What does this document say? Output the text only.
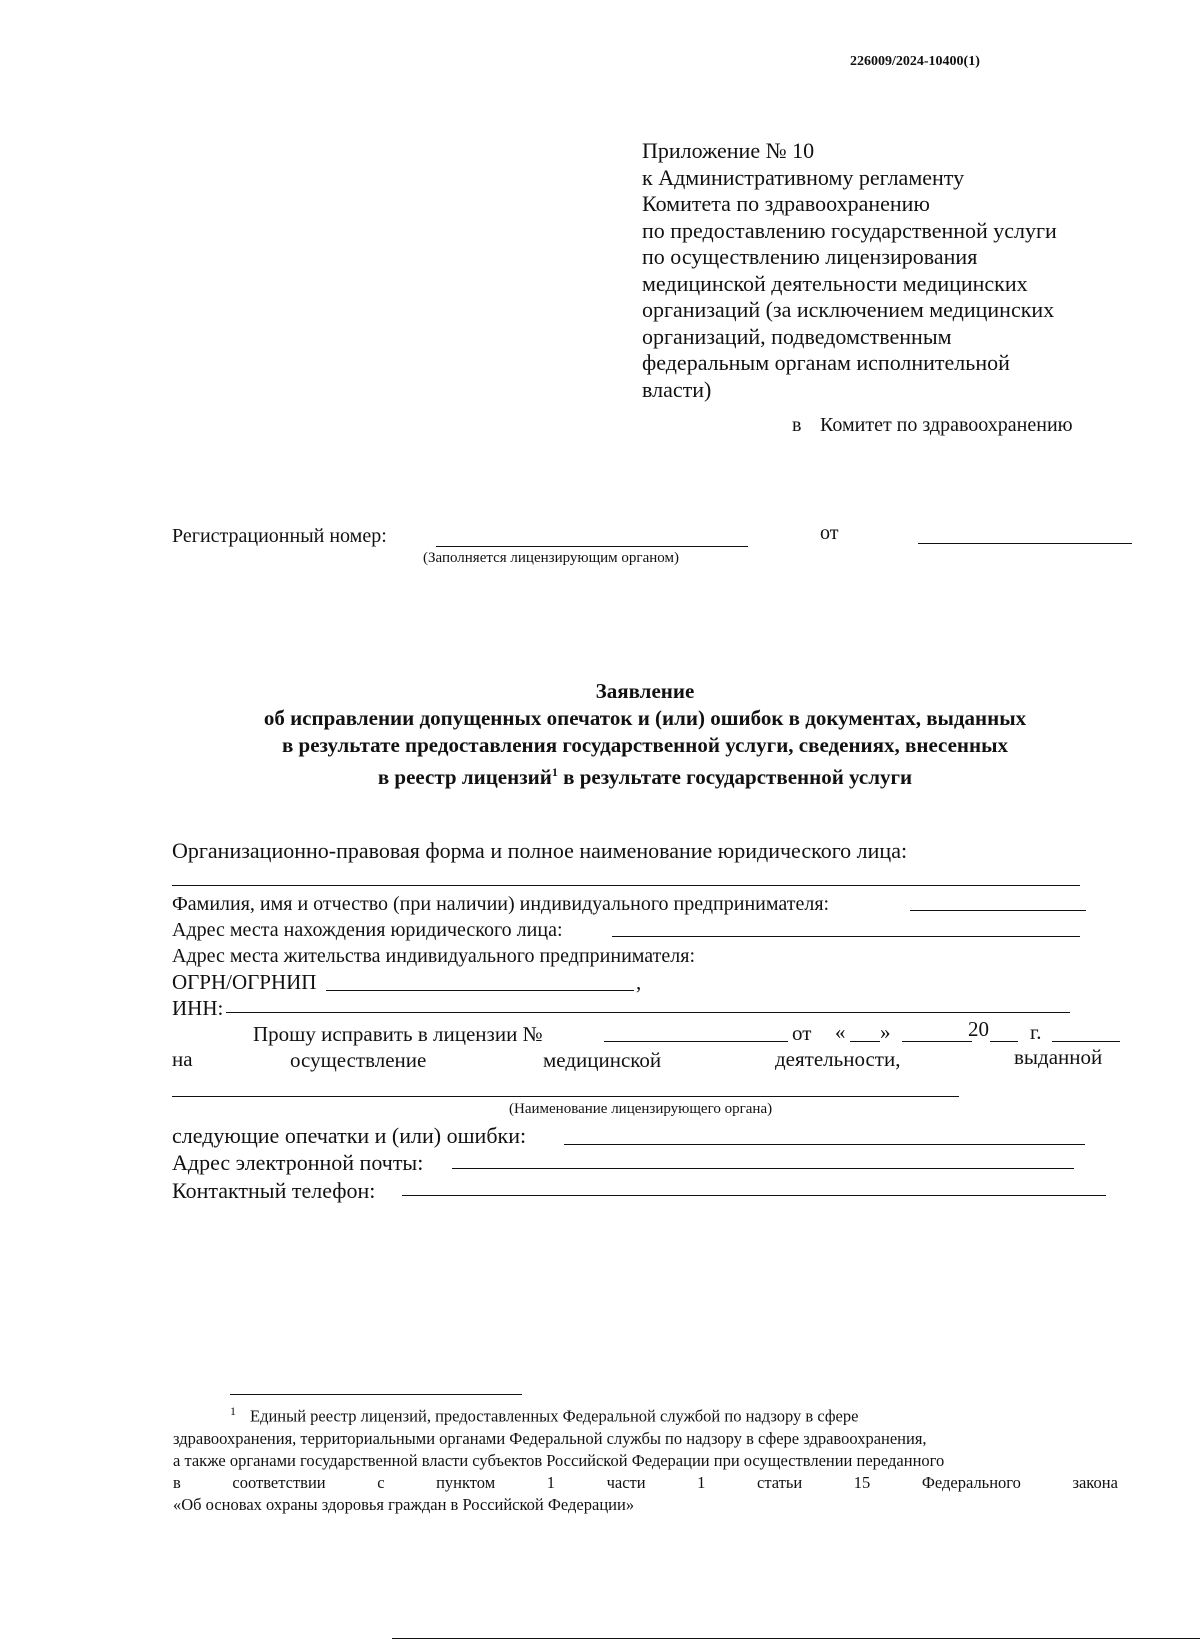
226009/2024-10400(1)
Приложение № 10
к Административному регламенту
Комитета по здравоохранению
по предоставлению государственной услуги
по осуществлению лицензирования
медицинской деятельности медицинских
организаций (за исключением медицинских
организаций, подведомственным
федеральным органам исполнительной
власти)
в Комитет по здравоохранению
Регистрационный номер:	от
(Заполняется лицензирующим органом)
Заявление
об исправлении допущенных опечаток и (или) ошибок в документах, выданных
в результате предоставления государственной услуги, сведениях, внесенных
в реестр лицензий$^1$ в результате государственной услуги
Организационно-правовая форма и полное наименование юридического лица:
Фамилия, имя и отчество (при наличии) индивидуального предпринимателя:
Адрес места нахождения юридического лица:
Адрес места жительства индивидуального предпринимателя:
ОГРН/ОГРНИП	,
ИНН:
Прошу исправить в лицензии №	от « »	20 г.
на	осуществление	медицинской	деятельности,	выданной
(Наименование лицензирующего органа)
следующие опечатки и (или) ошибки:
Адрес электронной почты:
Контактный телефон:
$^1$ Единый реестр лицензий, предоставленных Федеральной службой по надзору в сфере
здравоохранения, территориальными органами Федеральной службы по надзору в сфере здравоохранения,
а также органами государственной власти субъектов Российской Федерации при осуществлении переданного
в	соответствии	с	пунктом	1	части	1	статьи	15	Федерального	закона
«Об основах охраны здоровья граждан в Российской Федерации»
